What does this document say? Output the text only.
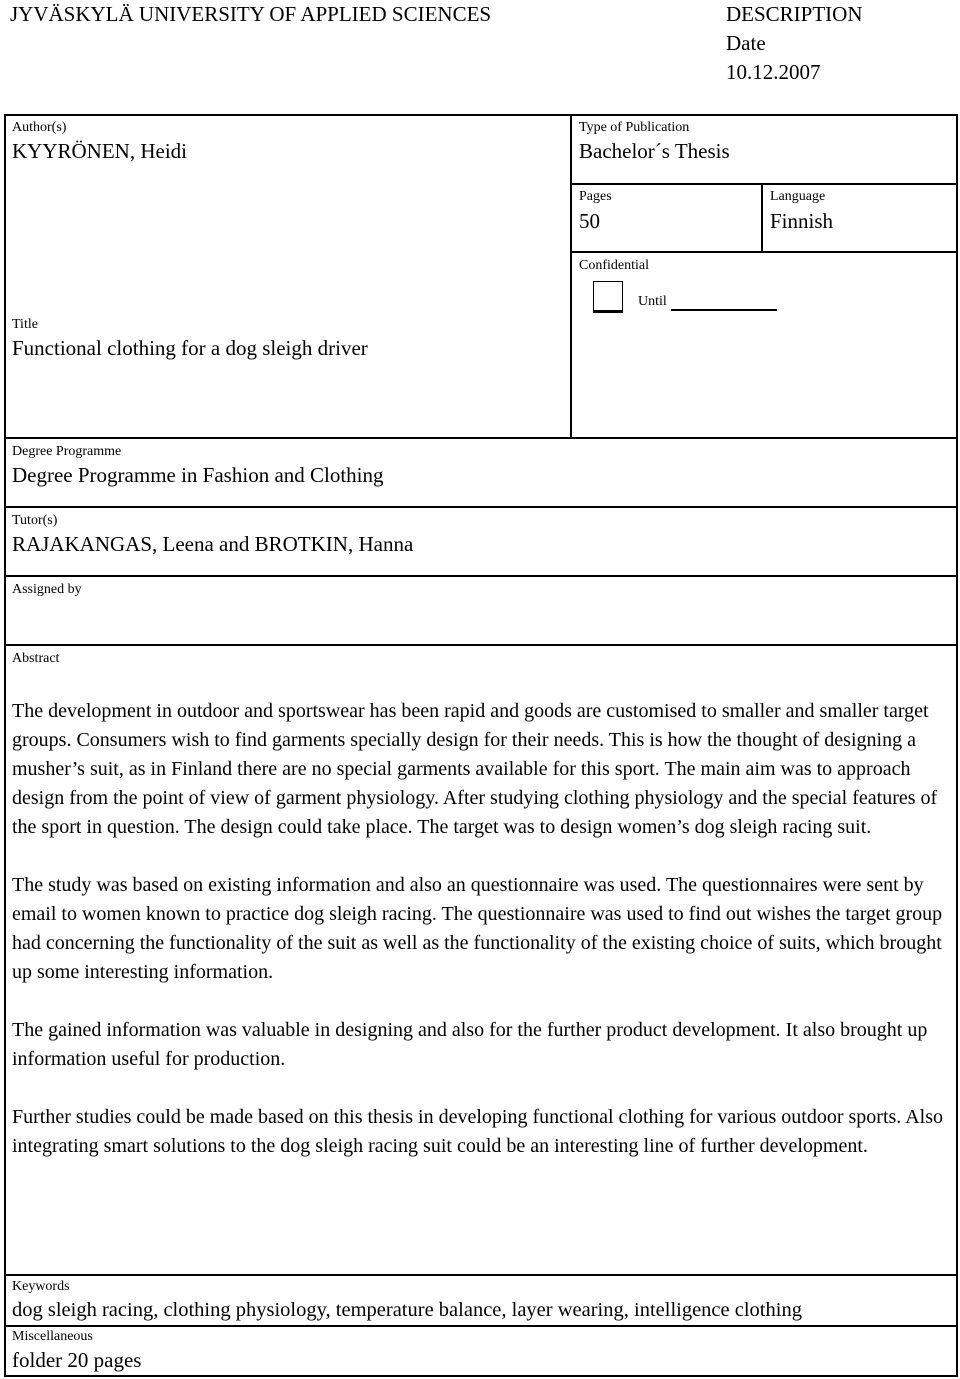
JYVÄSKYLÄ UNIVERSITY OF APPLIED SCIENCES	DESCRIPTION
Date
10.12.2007
Author(s)
KYYRÖNEN, Heidi
Type of Publication
Bachelor´s Thesis
Pages
50
Language
Finnish
Confidential
Until
Title
Functional clothing for a dog sleigh driver
Degree Programme
Degree Programme in Fashion and Clothing
Tutor(s)
RAJAKANGAS, Leena and BROTKIN, Hanna
Assigned by
Abstract

The development in outdoor and sportswear has been rapid and goods are customised to smaller and smaller target groups. Consumers wish to find garments specially design for their needs. This is how the thought of designing a musher’s suit, as in Finland there are no special garments available for this sport. The main aim was to approach design from the point of view of garment physiology. After studying clothing physiology and the special features of the sport in question. The design could take place. The target was to design women’s dog sleigh racing suit.

The study was based on existing information and also an questionnaire was used. The questionnaires were sent by email to women known to practice dog sleigh racing. The questionnaire was used to find out wishes the target group had concerning the functionality of the suit as well as the functionality of the existing choice of suits, which brought up some interesting information.

The gained information was valuable in designing and also for the further product development. It also brought up information useful for production.

Further studies could be made based on this thesis in developing functional clothing for various outdoor sports. Also integrating smart solutions to the dog sleigh racing suit could be an interesting line of further development.

Keywords
dog sleigh racing, clothing physiology, temperature balance, layer wearing, intelligence clothing
Miscellaneous
folder 20 pages
